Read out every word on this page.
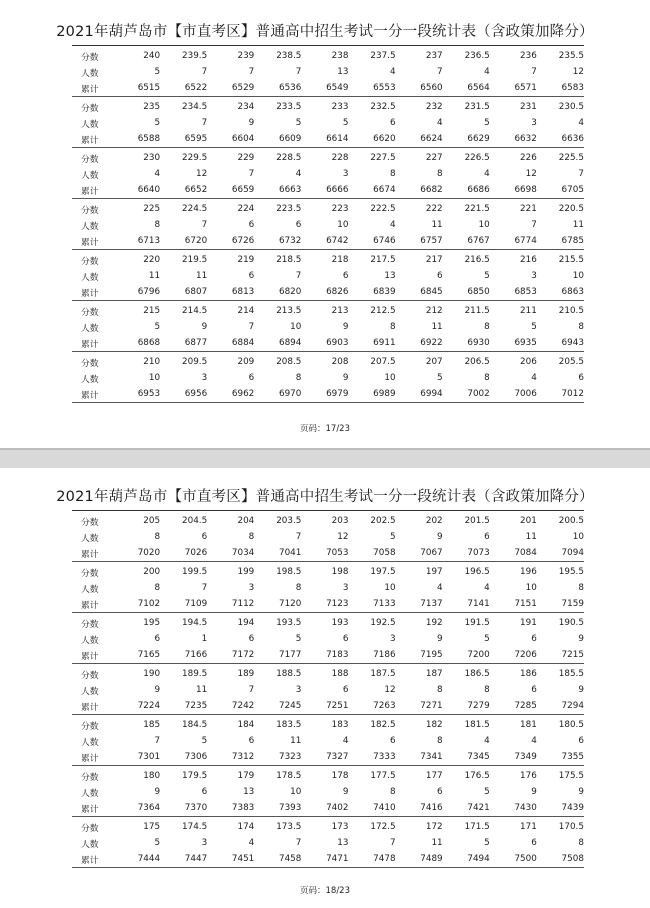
2021年葫芦岛市【市直考区】普通高中招生考试一分一段统计表（含政策加降分）
分数	240	239.5	239	238.5	238	237.5	237	236.5	236	235.5
人数	5	7	7	7	13	4	7	4	7	12
累计	6515	6522	6529	6536	6549	6553	6560	6564	6571	6583
分数	235	234.5	234	233.5	233	232.5	232	231.5	231	230.5
人数	5	7	9	5	5	6	4	5	3	4
累计	6588	6595	6604	6609	6614	6620	6624	6629	6632	6636
分数	230	229.5	229	228.5	228	227.5	227	226.5	226	225.5
人数	4	12	7	4	3	8	8	4	12	7
累计	6640	6652	6659	6663	6666	6674	6682	6686	6698	6705
分数	225	224.5	224	223.5	223	222.5	222	221.5	221	220.5
人数	8	7	6	6	10	4	11	10	7	11
累计	6713	6720	6726	6732	6742	6746	6757	6767	6774	6785
分数	220	219.5	219	218.5	218	217.5	217	216.5	216	215.5
人数	11	11	6	7	6	13	6	5	3	10
累计	6796	6807	6813	6820	6826	6839	6845	6850	6853	6863
分数	215	214.5	214	213.5	213	212.5	212	211.5	211	210.5
人数	5	9	7	10	9	8	11	8	5	8
累计	6868	6877	6884	6894	6903	6911	6922	6930	6935	6943
分数	210	209.5	209	208.5	208	207.5	207	206.5	206	205.5
人数	10	3	6	8	9	10	5	8	4	6
累计	6953	6956	6962	6970	6979	6989	6994	7002	7006	7012
页码：17/23
2021年葫芦岛市【市直考区】普通高中招生考试一分一段统计表（含政策加降分）
分数	205	204.5	204	203.5	203	202.5	202	201.5	201	200.5
人数	8	6	8	7	12	5	9	6	11	10
累计	7020	7026	7034	7041	7053	7058	7067	7073	7084	7094
分数	200	199.5	199	198.5	198	197.5	197	196.5	196	195.5
人数	8	7	3	8	3	10	4	4	10	8
累计	7102	7109	7112	7120	7123	7133	7137	7141	7151	7159
分数	195	194.5	194	193.5	193	192.5	192	191.5	191	190.5
人数	6	1	6	5	6	3	9	5	6	9
累计	7165	7166	7172	7177	7183	7186	7195	7200	7206	7215
分数	190	189.5	189	188.5	188	187.5	187	186.5	186	185.5
人数	9	11	7	3	6	12	8	8	6	9
累计	7224	7235	7242	7245	7251	7263	7271	7279	7285	7294
分数	185	184.5	184	183.5	183	182.5	182	181.5	181	180.5
人数	7	5	6	11	4	6	8	4	4	6
累计	7301	7306	7312	7323	7327	7333	7341	7345	7349	7355
分数	180	179.5	179	178.5	178	177.5	177	176.5	176	175.5
人数	9	6	13	10	9	8	6	5	9	9
累计	7364	7370	7383	7393	7402	7410	7416	7421	7430	7439
分数	175	174.5	174	173.5	173	172.5	172	171.5	171	170.5
人数	5	3	4	7	13	7	11	5	6	8
累计	7444	7447	7451	7458	7471	7478	7489	7494	7500	7508
页码：18/23
